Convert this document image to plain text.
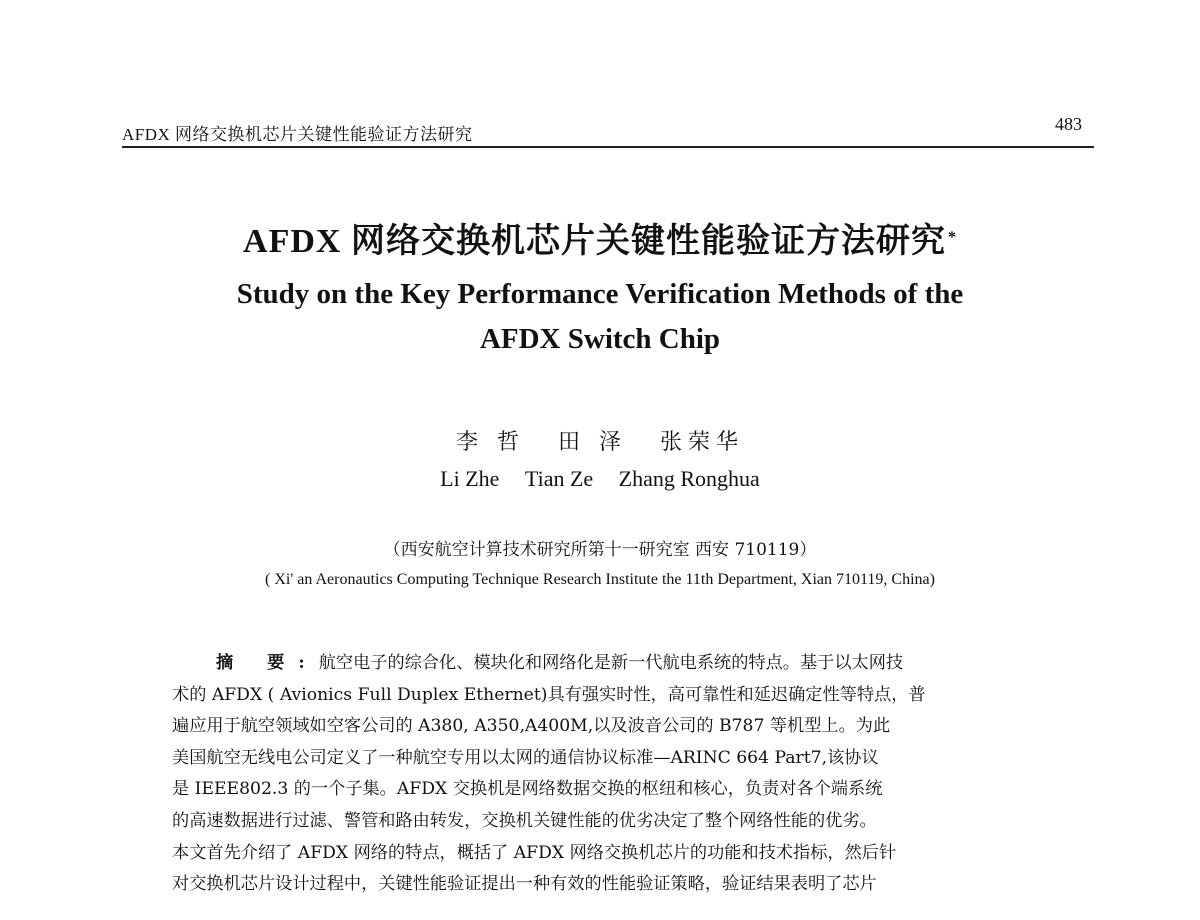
AFDX 网络交换机芯片关键性能验证方法研究
483
AFDX 网络交换机芯片关键性能验证方法研究 *
Study on the Key Performance Verification Methods of the
AFDX Switch Chip
李 哲 田 泽 张荣华
Li Zhe Tian Ze Zhang Ronghua
（西安航空计算技术研究所第十一研究室 西安 710119）
( Xi' an Aeronautics Computing Technique Research Institute the 11th Department, Xian 710119, China)
摘 要:航空电子的综合化、模块化和网络化是新一代航电系统的特点。基于以太网技
术的 AFDX ( Avionics Full Duplex Ethernet)具有强实时性，高可靠性和延迟确定性等特点，普
遍应用于航空领域如空客公司的 A380, A350,A400M,以及波音公司的 B787 等机型上。为此
美国航空无线电公司定义了一种航空专用以太网的通信协议标准—ARINC 664 Part7,该协议
是 IEEE802.3 的一个子集。AFDX 交换机是网络数据交换的枢纽和核心，负责对各个端系统
的高速数据进行过滤、警管和路由转发，交换机关键性能的优劣决定了整个网络性能的优劣。
本文首先介绍了 AFDX 网络的特点，概括了 AFDX 网络交换机芯片的功能和技术指标，然后针
对交换机芯片设计过程中，关键性能验证提出一种有效的性能验证策略，验证结果表明了芯片
